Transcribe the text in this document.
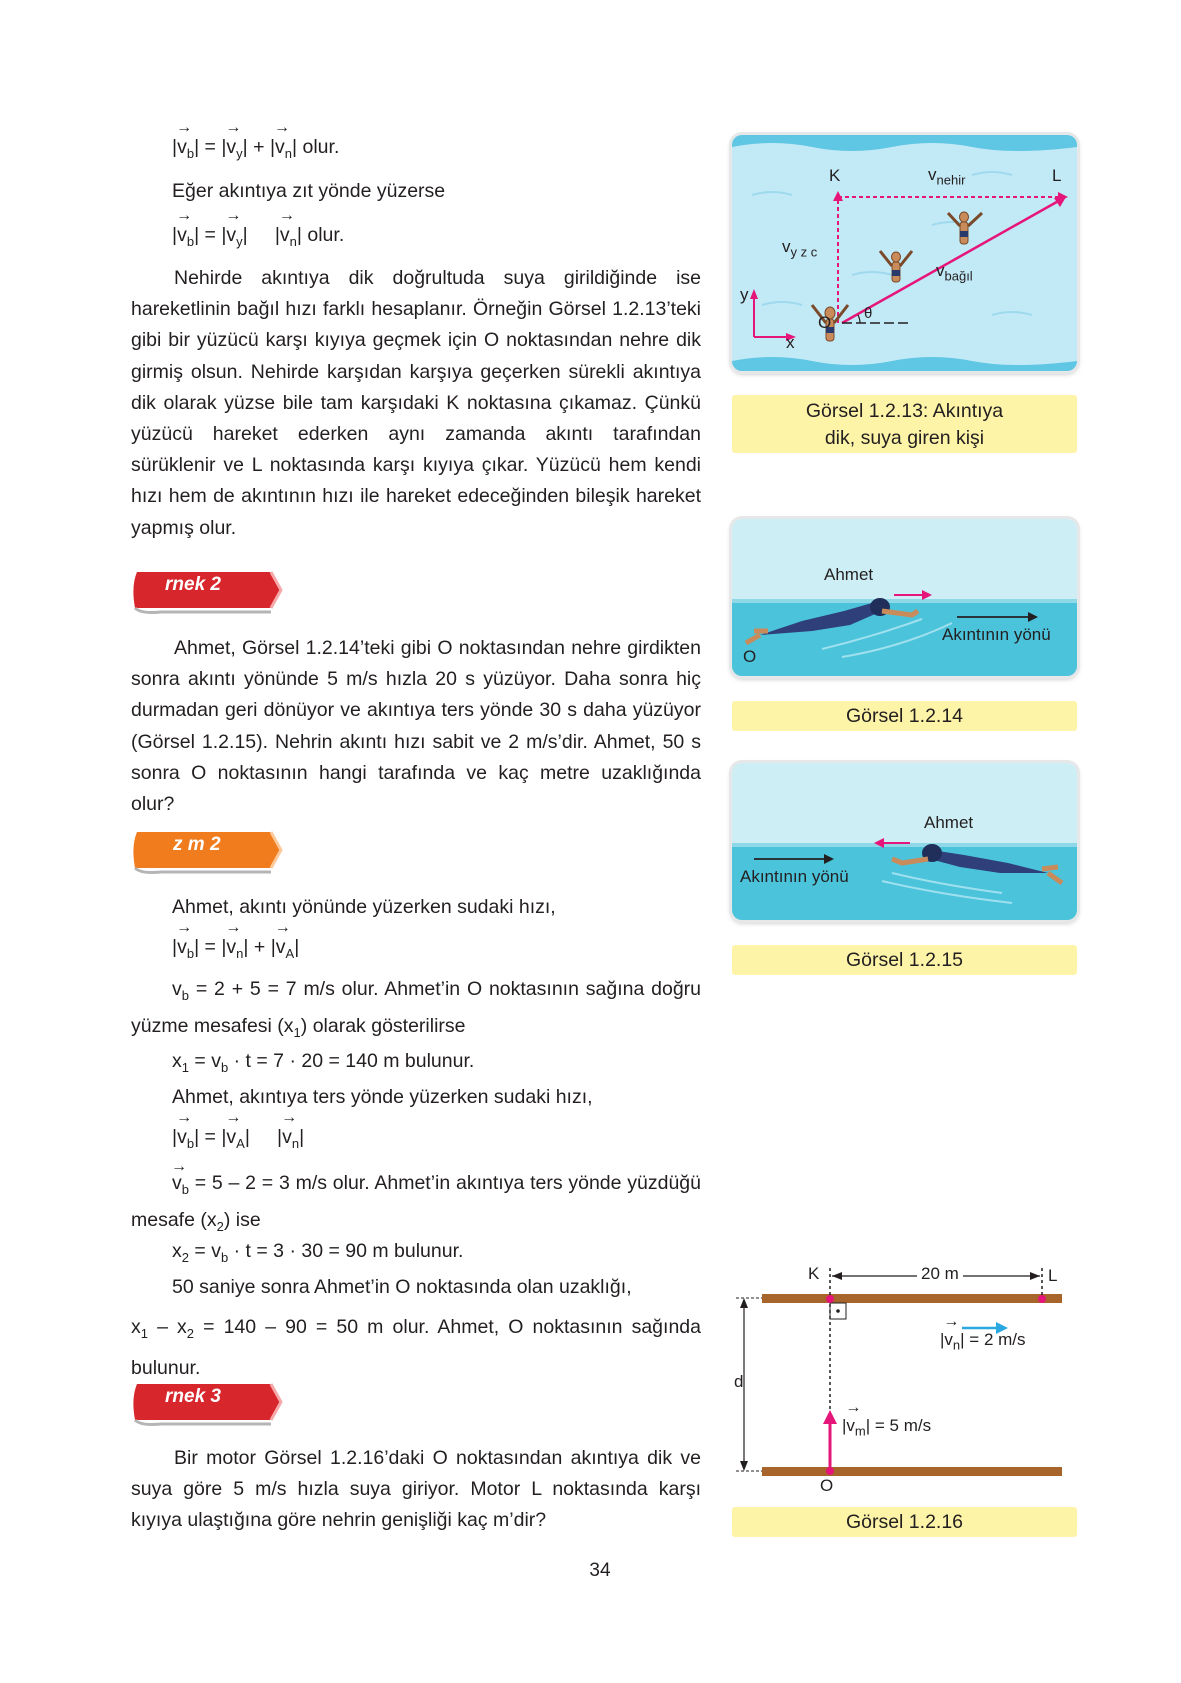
|→ $v_b|$ = |→ $v_y|$ + |→ $v_n|$ olur.
Eğer akıntıya zıt yönde yüzerse
|→ $v_b|$ = |→ $v_y|$     |→ $v_n|$ olur.
Nehirde akıntıya dik doğrultuda suya girildiğinde ise hareketlinin bağıl hızı farklı hesaplanır. Örneğin Görsel 1.2.13’teki gibi bir yüzücü karşı kıyıya geçmek için O noktasından nehre dik girmiş olsun. Nehirde karşıdan karşıya geçerken sürekli akıntıya dik olarak yüzse bile tam karşıdaki K noktasına çıkamaz. Çünkü yüzücü hareket ederken aynı zamanda akıntı tarafından sürüklenir ve L noktasında karşı kıyıya çıkar. Yüzücü hem kendi hızı hem de akıntının hızı ile hareket edeceğinden bileşik hareket yapmış olur.
rnek 2
Ahmet, Görsel 1.2.14’teki gibi O noktasından nehre girdikten sonra akıntı yönünde 5 m/s hızla 20 s yüzüyor. Daha sonra hiç durmadan geri dönüyor ve akıntıya ters yönde 30 s daha yüzüyor (Görsel 1.2.15). Nehrin akıntı hızı sabit ve 2 m/s’dir. Ahmet, 50 s sonra O noktasının hangi tarafında ve kaç metre uzaklığında olur?
z m 2
Ahmet, akıntı yönünde yüzerken sudaki hızı,
|→ $v_b|$ = |→ $v_n|$ + |→ $v_A|$
$v_b = 2 + 5 = 7$ m/s olur. Ahmet’in O noktasının sağına doğru yüzme mesafesi $(x_1)$ olarak gösterilirse
$x_1 = v_b \cdot t = 7 \cdot 20 = 140$ m bulunur.
Ahmet, akıntıya ters yönde yüzerken sudaki hızı,
|→ $v_b|$ = |→ $v_A|$     |→ $v_n|$
→ $v_b = 5 - 2 = 3$ m/s olur. Ahmet’in akıntıya ters yönde yüzdüğü mesafe $(x_2)$ ise
$x_2 = v_b \cdot t = 3 \cdot 30 = 90$ m bulunur.
50 saniye sonra Ahmet’in O noktasında olan uzaklığı,
$x_1 - x_2 = 140 - 90 = 50$ m olur. Ahmet, O noktasının sağında bulunur.
rnek 3
Bir motor Görsel 1.2.16’daki O noktasından akıntıya dik ve suya göre 5 m/s hızla suya giriyor. Motor L noktasında karşı kıyıya ulaştığına göre nehrin genişliği kaç m’dir?
K	L
O
$v_{nehir}$
$v_{y z c}$
$v_{bağıl}$
θ
x
y
Görsel 1.2.13: Akıntıya dik, suya giren kişi
Ahmet
Akıntının yönü
O
Görsel 1.2.14
Ahmet
Akıntının yönü
Görsel 1.2.15
K	L
O
d
20 m
|→ $v_n| = 2$ m/s
|→ $v_m| = 5$ m/s
Görsel 1.2.16
34
